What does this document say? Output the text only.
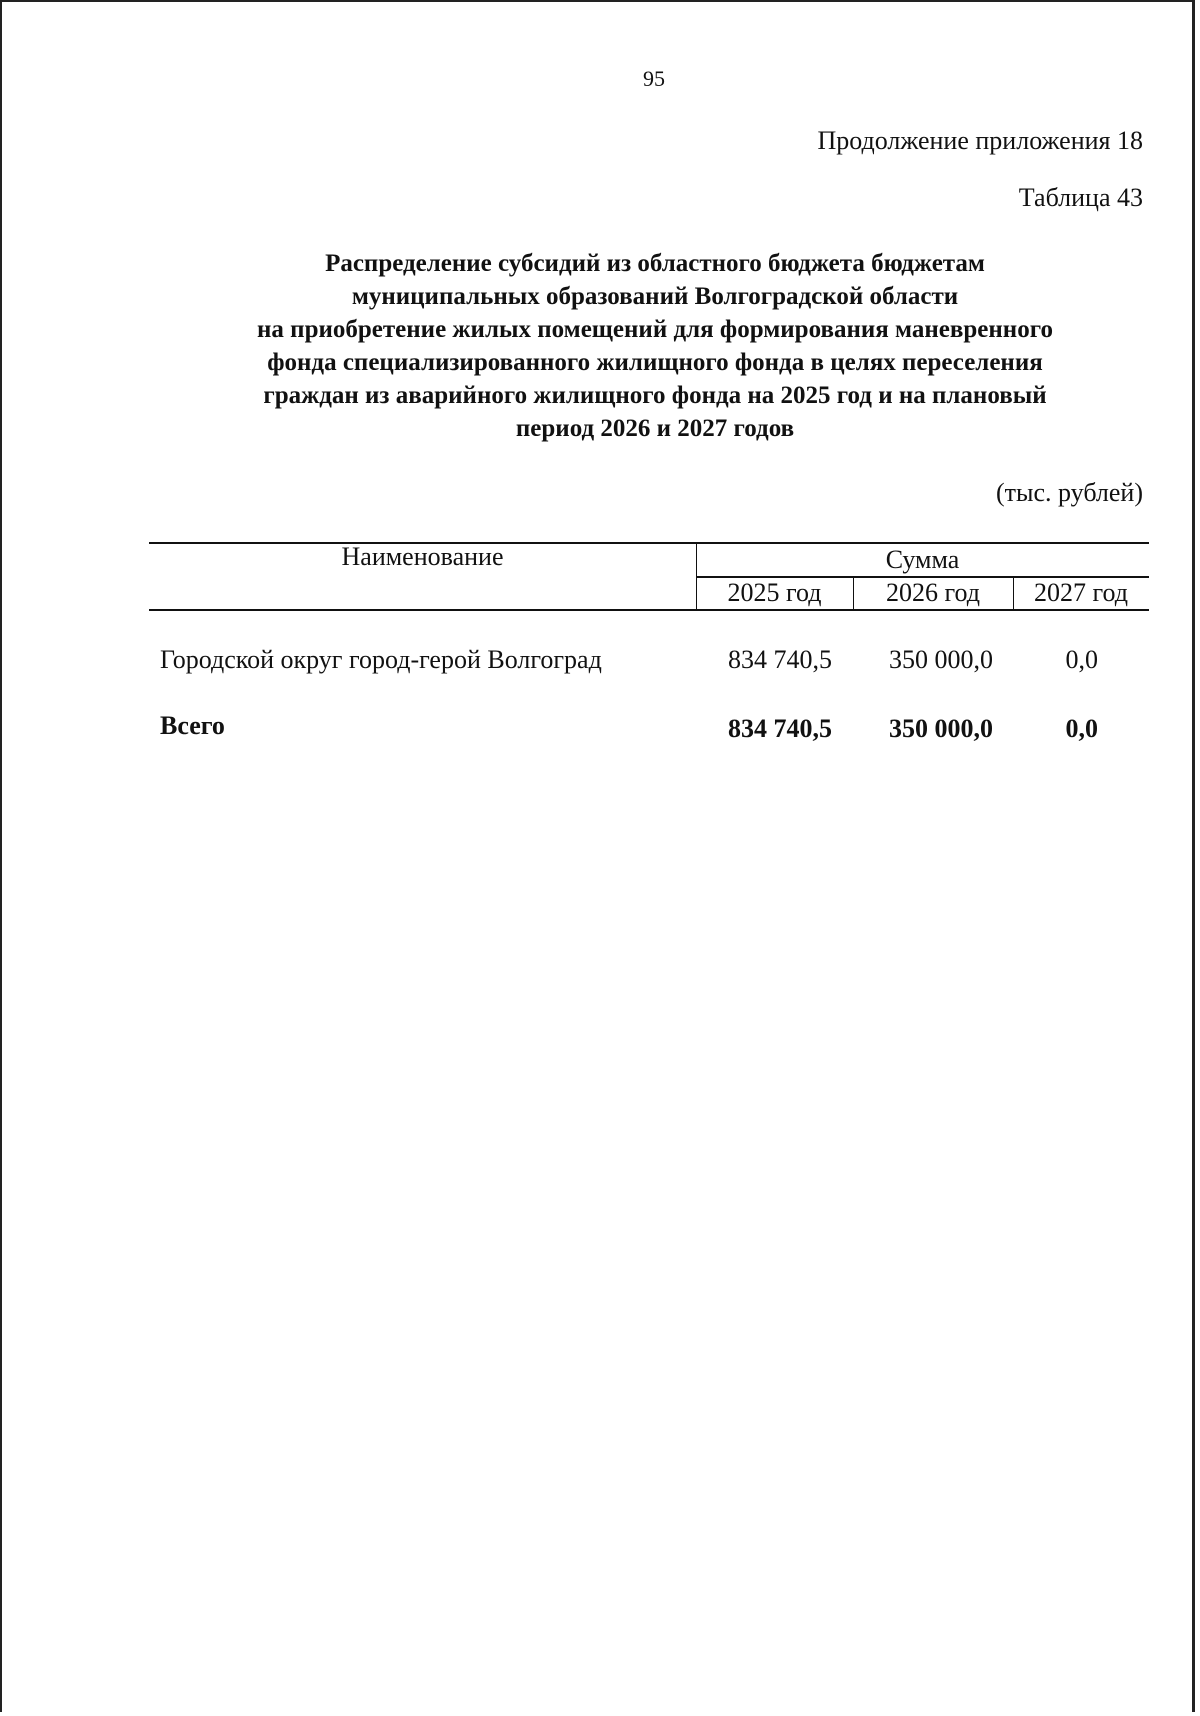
95
Продолжение приложения 18
Таблица 43
Распределение субсидий из областного бюджета бюджетам
муниципальных образований Волгоградской области
на приобретение жилых помещений для формирования маневренного
фонда специализированного жилищного фонда в целях переселения
граждан из аварийного жилищного фонда на 2025 год и на плановый
период 2026 и 2027 годов
(тыс. рублей)
Наименование	Сумма
2025 год	2026 год	2027 год
Городской округ город-герой Волгоград	834 740,5	350 000,0	0,0
Всего	834 740,5	350 000,0	0,0
